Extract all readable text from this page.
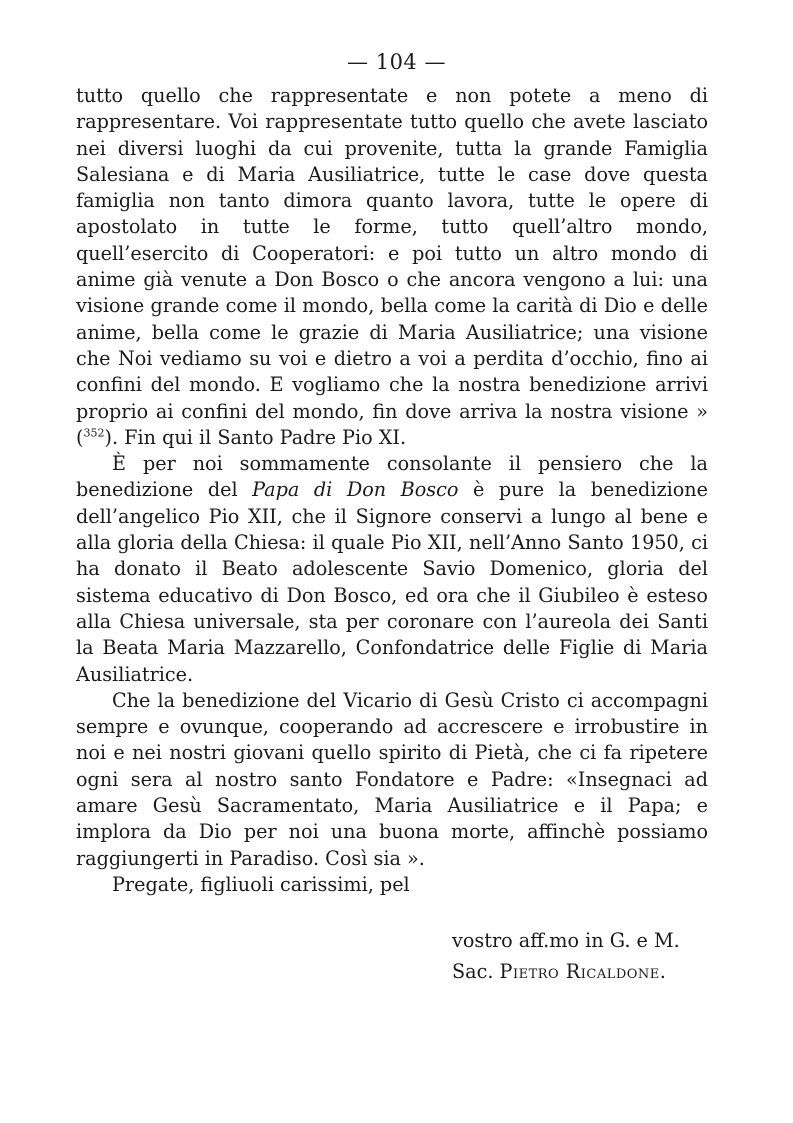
— 104 —

tutto quello che rappresentate e non potete a meno di rappresentare. Voi rappresentate tutto quello che avete lasciato nei diversi luoghi da cui provenite, tutta la grande Famiglia Salesiana e di Maria Ausiliatrice, tutte le case dove questa famiglia non tanto dimora quanto lavora, tutte le opere di apostolato in tutte le forme, tutto quell’altro mondo, quell’esercito di Cooperatori: e poi tutto un altro mondo di anime già venute a Don Bosco o che ancora vengono a lui: una visione grande come il mondo, bella come la carità di Dio e delle anime, bella come le grazie di Maria Ausiliatrice; una visione che Noi vediamo su voi e dietro a voi a perdita d’occhio, fino ai confini del mondo. E vogliamo che la nostra benedizione arrivi proprio ai confini del mondo, fin dove arriva la nostra visione » ($^{352}$). Fin qui il Santo Padre Pio XI.

È per noi sommamente consolante il pensiero che la benedizione del Papa di Don Bosco è pure la benedizione dell’angelico Pio XII, che il Signore conservi a lungo al bene e alla gloria della Chiesa: il quale Pio XII, nell’Anno Santo 1950, ci ha donato il Beato adolescente Savio Domenico, gloria del sistema educativo di Don Bosco, ed ora che il Giubileo è esteso alla Chiesa universale, sta per coronare con l’aureola dei Santi la Beata Maria Mazzarello, Confondatrice delle Figlie di Maria Ausiliatrice.

Che la benedizione del Vicario di Gesù Cristo ci accompagni sempre e ovunque, cooperando ad accrescere e irrobustire in noi e nei nostri giovani quello spirito di Pietà, che ci fa ripetere ogni sera al nostro santo Fondatore e Padre: «Insegnaci ad amare Gesù Sacramentato, Maria Ausiliatrice e il Papa; e implora da Dio per noi una buona morte, affinchè possiamo raggiungerti in Paradiso. Così sia ».

Pregate, figliuoli carissimi, pel

vostro aff.mo in G. e M.
Sac. Pietro Ricaldone.
